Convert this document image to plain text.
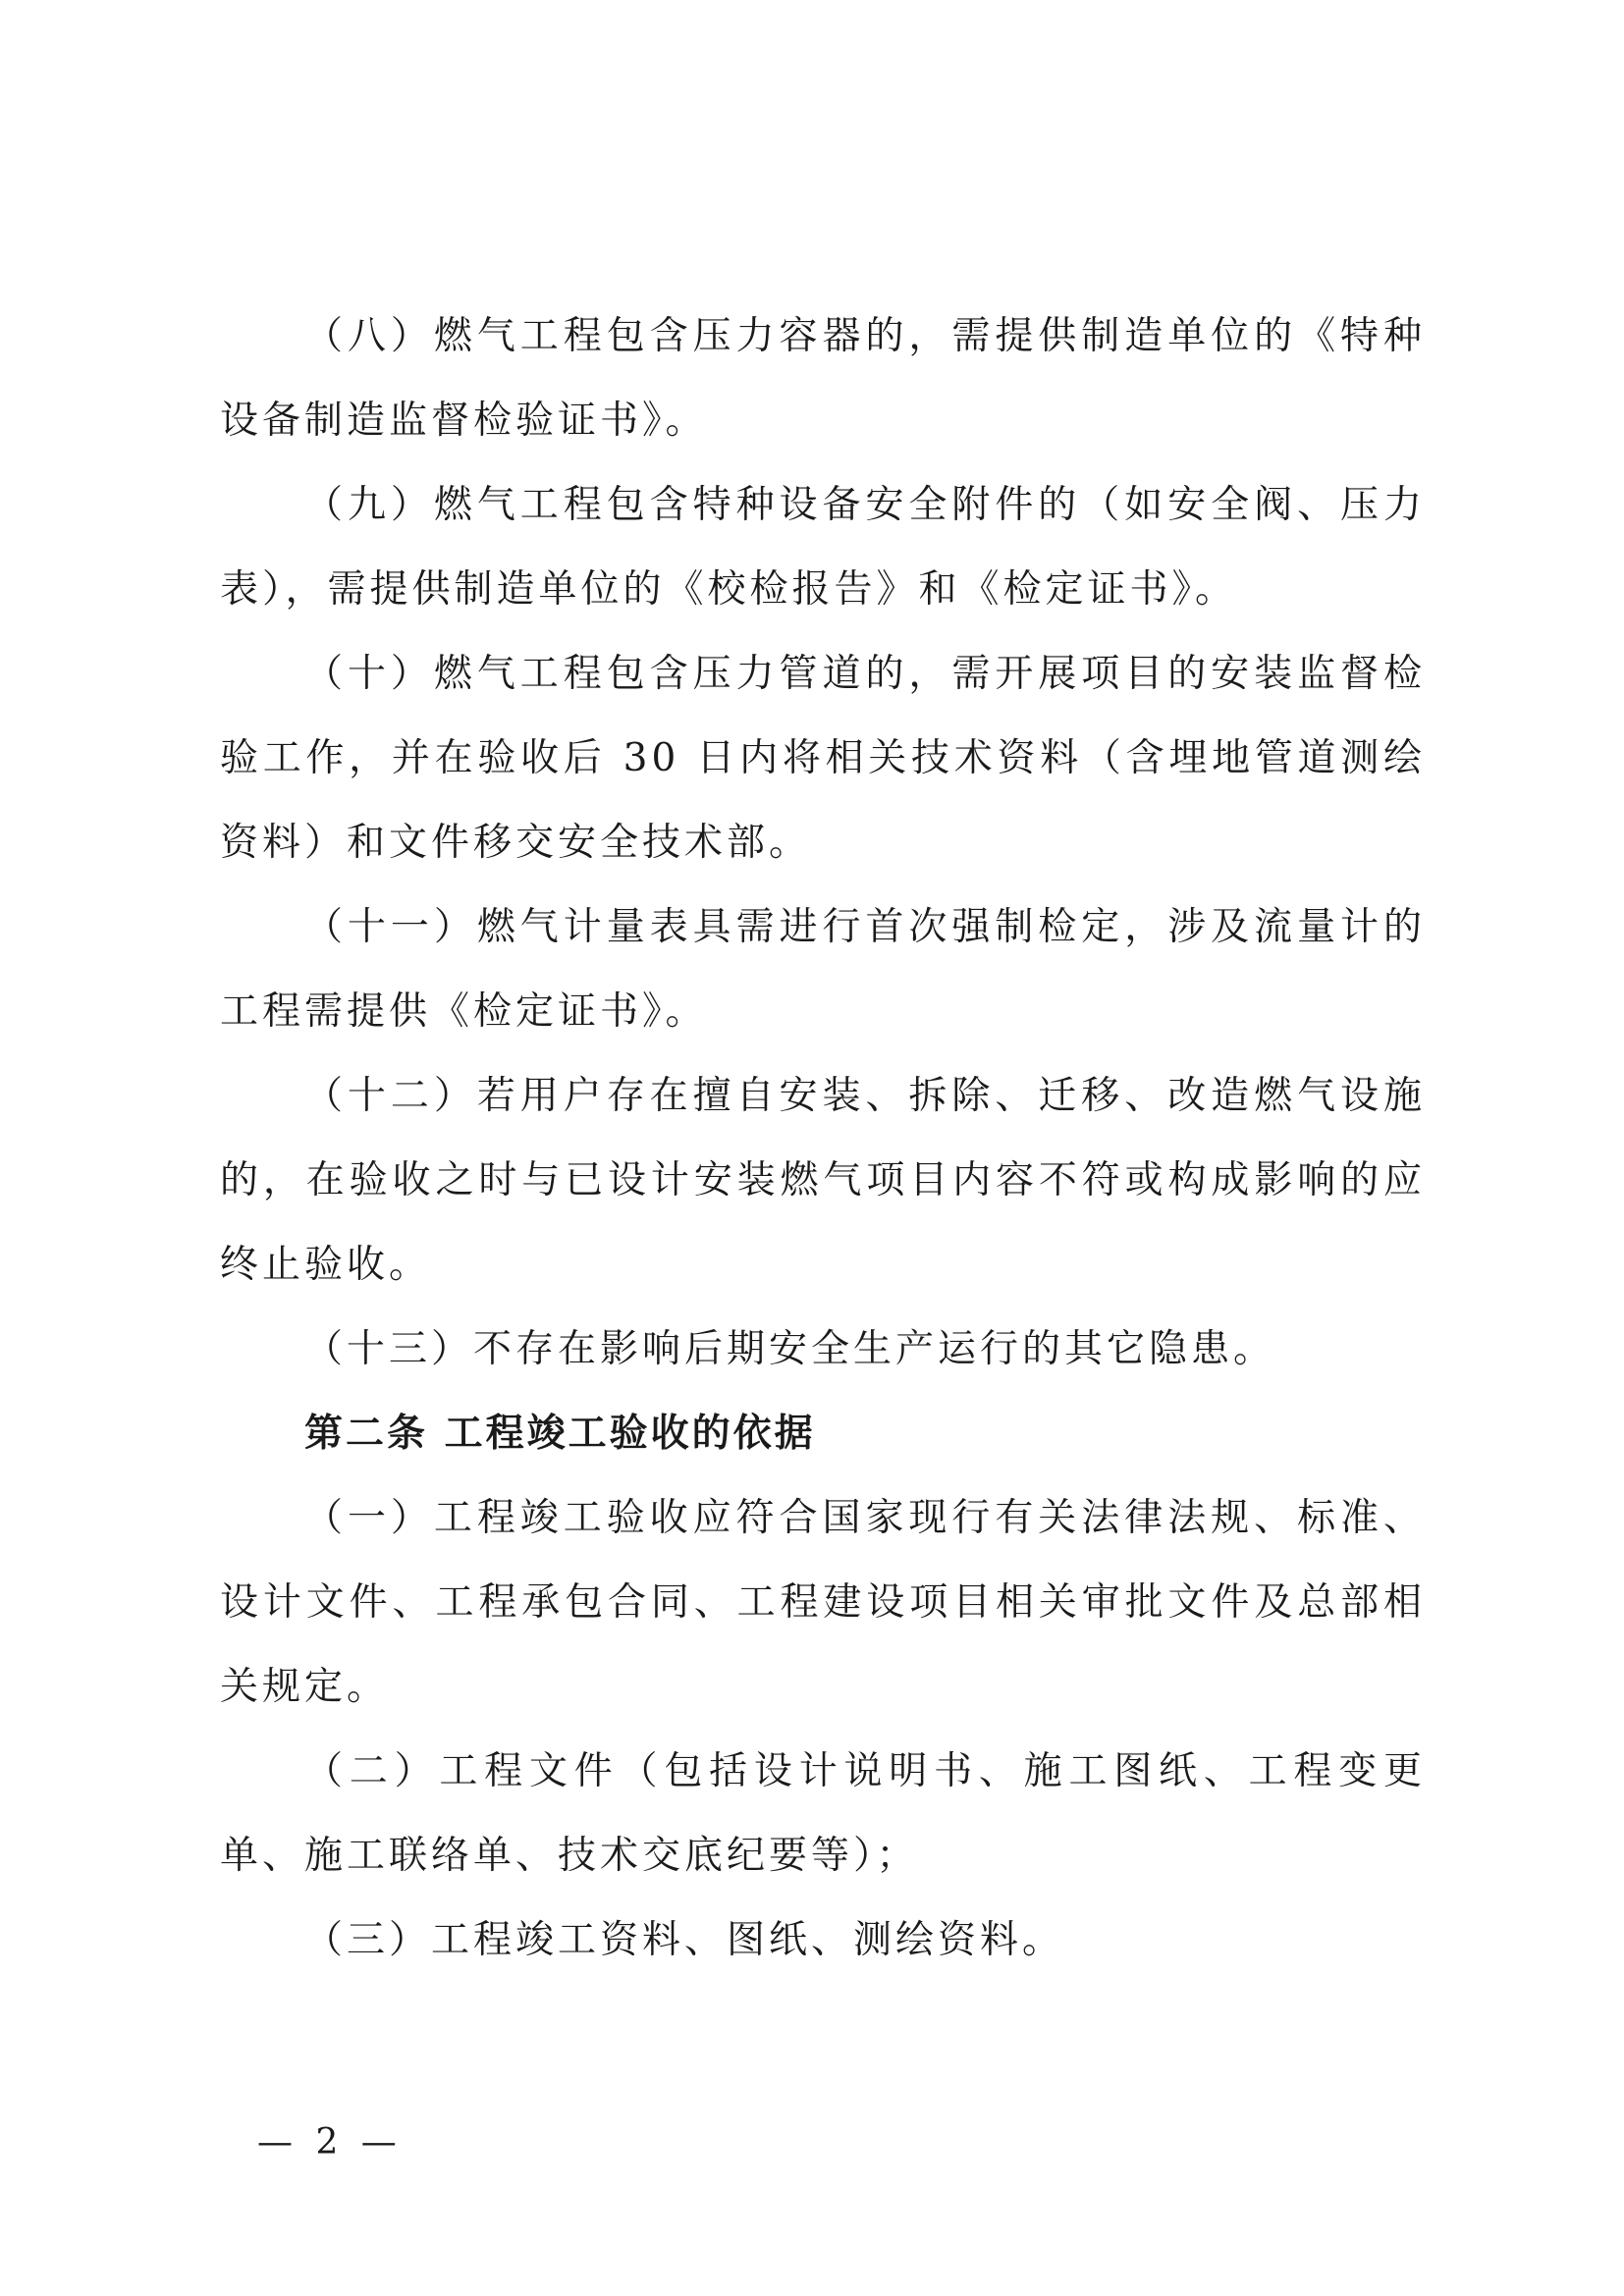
（八）燃气工程包含压力容器的，需提供制造单位的《特种设备制造监督检验证书》。

（九）燃气工程包含特种设备安全附件的（如安全阀、压力表），需提供制造单位的《校检报告》和《检定证书》。

（十）燃气工程包含压力管道的，需开展项目的安装监督检验工作，并在验收后 30 日内将相关技术资料（含埋地管道测绘资料）和文件移交安全技术部。

（十一）燃气计量表具需进行首次强制检定，涉及流量计的工程需提供《检定证书》。

（十二）若用户存在擅自安装、拆除、迁移、改造燃气设施的，在验收之时与已设计安装燃气项目内容不符或构成影响的应终止验收。

（十三）不存在影响后期安全生产运行的其它隐患。

第二条 工程竣工验收的依据

（一）工程竣工验收应符合国家现行有关法律法规、标准、设计文件、工程承包合同、工程建设项目相关审批文件及总部相关规定。

（二）工程文件（包括设计说明书、施工图纸、工程变更单、施工联络单、技术交底纪要等）；

（三）工程竣工资料、图纸、测绘资料。

— 2 —
